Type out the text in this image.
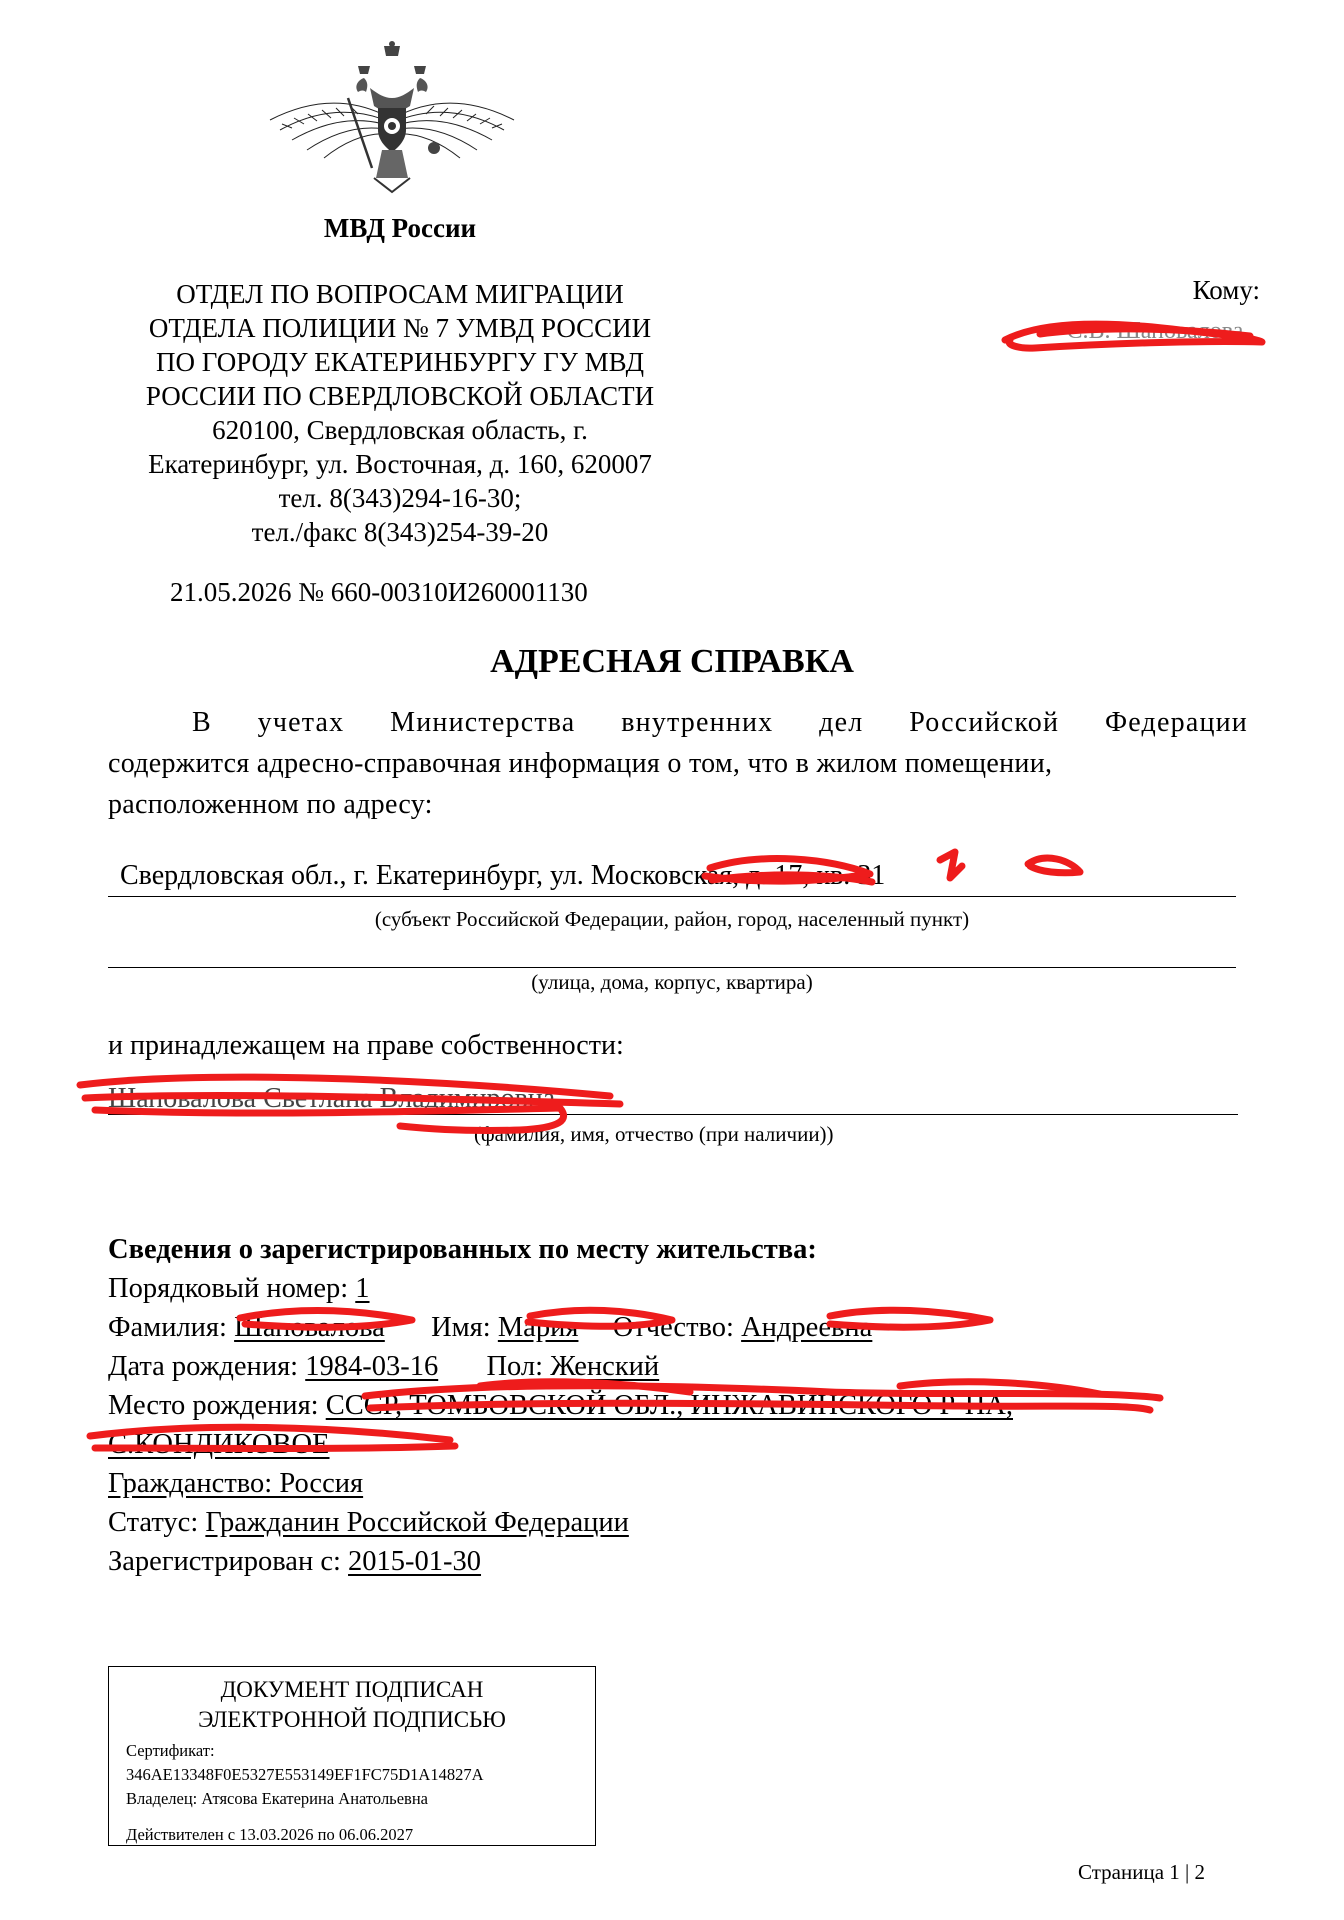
МВД России
ОТДЕЛ ПО ВОПРОСАМ МИГРАЦИИ
ОТДЕЛА ПОЛИЦИИ № 7 УМВД РОССИИ
ПО ГОРОДУ ЕКАТЕРИНБУРГУ ГУ МВД
РОССИИ ПО СВЕРДЛОВСКОЙ ОБЛАСТИ
620100, Свердловская область, г.
Екатеринбург, ул. Восточная, д. 160, 620007
тел. 8(343)294-16-30;
тел./факс 8(343)254-39-20
Кому:
С.В. Шаповалова
21.05.2026 № 660-00310И260001130
АДРЕСНАЯ СПРАВКА
В учетах Министерства внутренних дел Российской Федерации
содержится адресно-справочная информация о том, что в жилом помещении,
расположенном по адресу:
Свердловская обл., г. Екатеринбург, ул. Московская, д. 17, кв. 31
(субъект Российской Федерации, район, город, населенный пункт)
(улица, дома, корпус, квартира)
и принадлежащем на праве собственности:
Шаповалова Светлана Владимировна
(фамилия, имя, отчество (при наличии))
Сведения о зарегистрированных по месту жительства:
Порядковый номер: 1
Фамилия: Шаповалова Имя: Мария Отчество: Андреевна
Дата рождения: 1984-03-16 Пол: Женский
Место рождения: СССР, ТОМБОВСКОЙ ОБЛ., ИНЖАВИНСКОГО Р-НА,
С.КОНДИКОВОЕ
Гражданство: Россия
Статус: Гражданин Российской Федерации
Зарегистрирован с: 2015-01-30
ДОКУМЕНТ ПОДПИСАН
ЭЛЕКТРОННОЙ ПОДПИСЬЮ
Сертификат:
346AE13348F0E5327E553149EF1FC75D1A14827A
Владелец: Атясова Екатерина Анатольевна
Действителен с 13.03.2026 по 06.06.2027
Страница 1 | 2
